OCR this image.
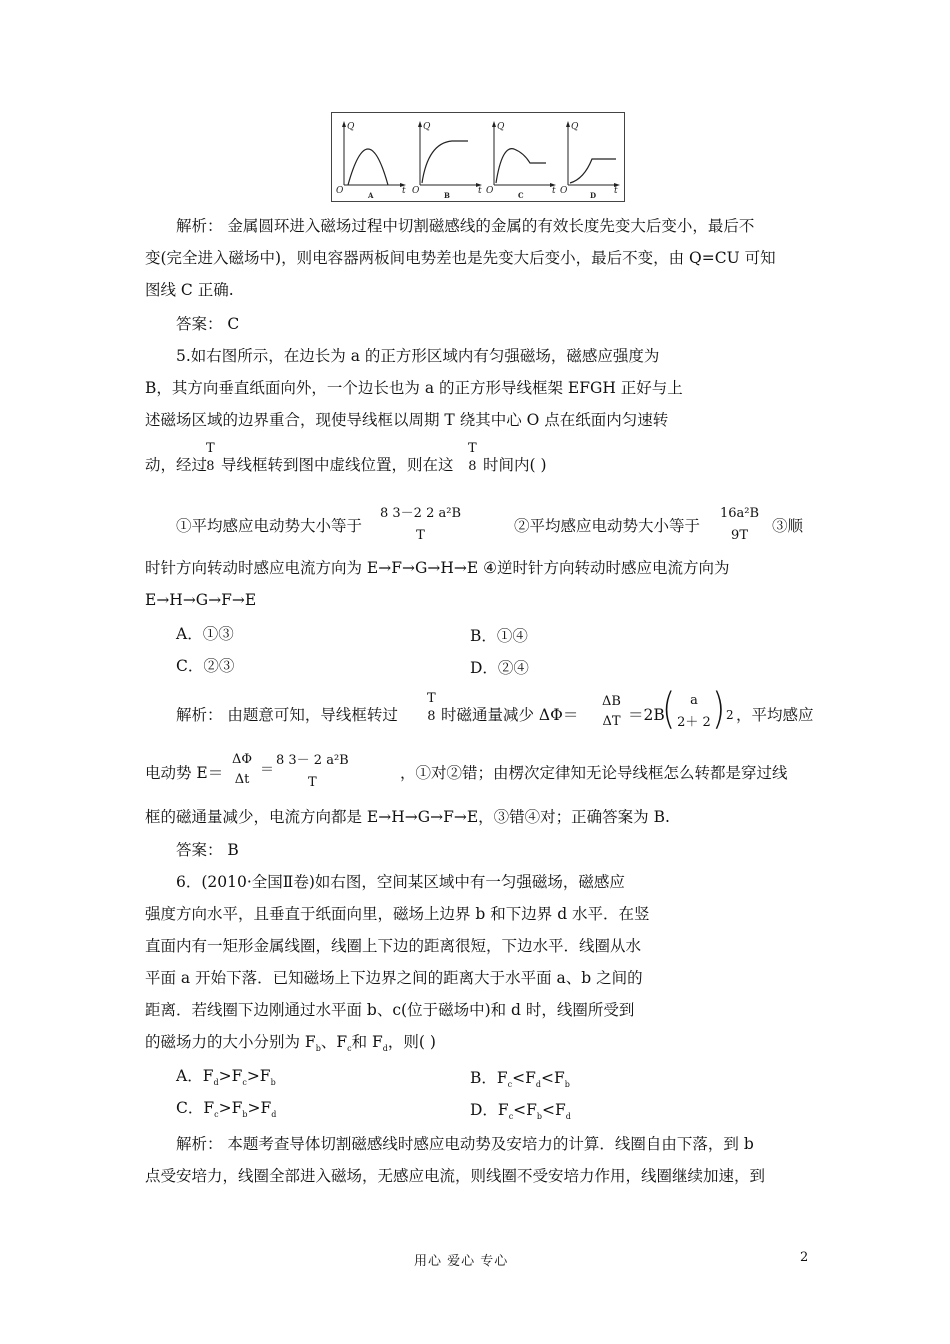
Q
O	t
A
Q
O	t
B
Q
O	t
C
Q
O	t
D
解析： 金属圆环进入磁场过程中切割磁感线的金属的有效长度先变大后变小，最后不
变(完全进入磁场中)，则电容器两板间电势差也是先变大后变小，最后不变，由 Q=CU 可知
图线 C 正确.
答案： C
5.如右图所示，在边长为 a 的正方形区域内有匀强磁场，磁感应强度为
B，其方向垂直纸面向外，一个边长也为 a 的正方形导线框架 EFGH 正好与上
述磁场区域的边界重合，现使导线框以周期 T 绕其中心 O 点在纸面内匀速转
动，经过
T
8 导线框转到图中虚线位置，则在这
T
8 时间内( )
①平均感应电动势大小等于
8 3－2 2 a²B
T
②平均感应电动势大小等于
16a²B
9T
③顺
时针方向转动时感应电流方向为 E→F→G→H→E ④逆时针方向转动时感应电流方向为
E→H→G→F→E
A．①③	B．①④
C．②③	D．②④
解析： 由题意可知，导线框转过
T
8 时磁通量减少 ΔΦ＝
ΔB
ΔT ＝2B
(	a
2＋ 2 ) 2 ，平均感应
电动势 E＝
ΔΦ
Δt
＝
8 3－ 2 a²B
T
，①对②错；由楞次定律知无论导线框怎么转都是穿过线
框的磁通量减少，电流方向都是 E→H→G→F→E，③错④对；正确答案为 B.
答案： B
6．(2010·全国Ⅱ卷)如右图，空间某区域中有一匀强磁场，磁感应
强度方向水平，且垂直于纸面向里，磁场上边界 b 和下边界 d 水平．在竖
直面内有一矩形金属线圈，线圈上下边的距离很短，下边水平．线圈从水
平面 a 开始下落．已知磁场上下边界之间的距离大于水平面 a、b 之间的
距离．若线圈下边刚通过水平面 b、c(位于磁场中)和 d 时，线圈所受到
的磁场力的大小分别为 $F_b$、$F_c$和 $F_d$，则( )
A．$F_d>F_c>F_b$	B．$F_c<F_d<F_b$
C．$F_c>F_b>F_d$	D．$F_c<F_b<F_d$
解析： 本题考查导体切割磁感线时感应电动势及安培力的计算．线圈自由下落，到 b
点受安培力，线圈全部进入磁场，无感应电流，则线圈不受安培力作用，线圈继续加速，到
用心 爱心 专心	2
